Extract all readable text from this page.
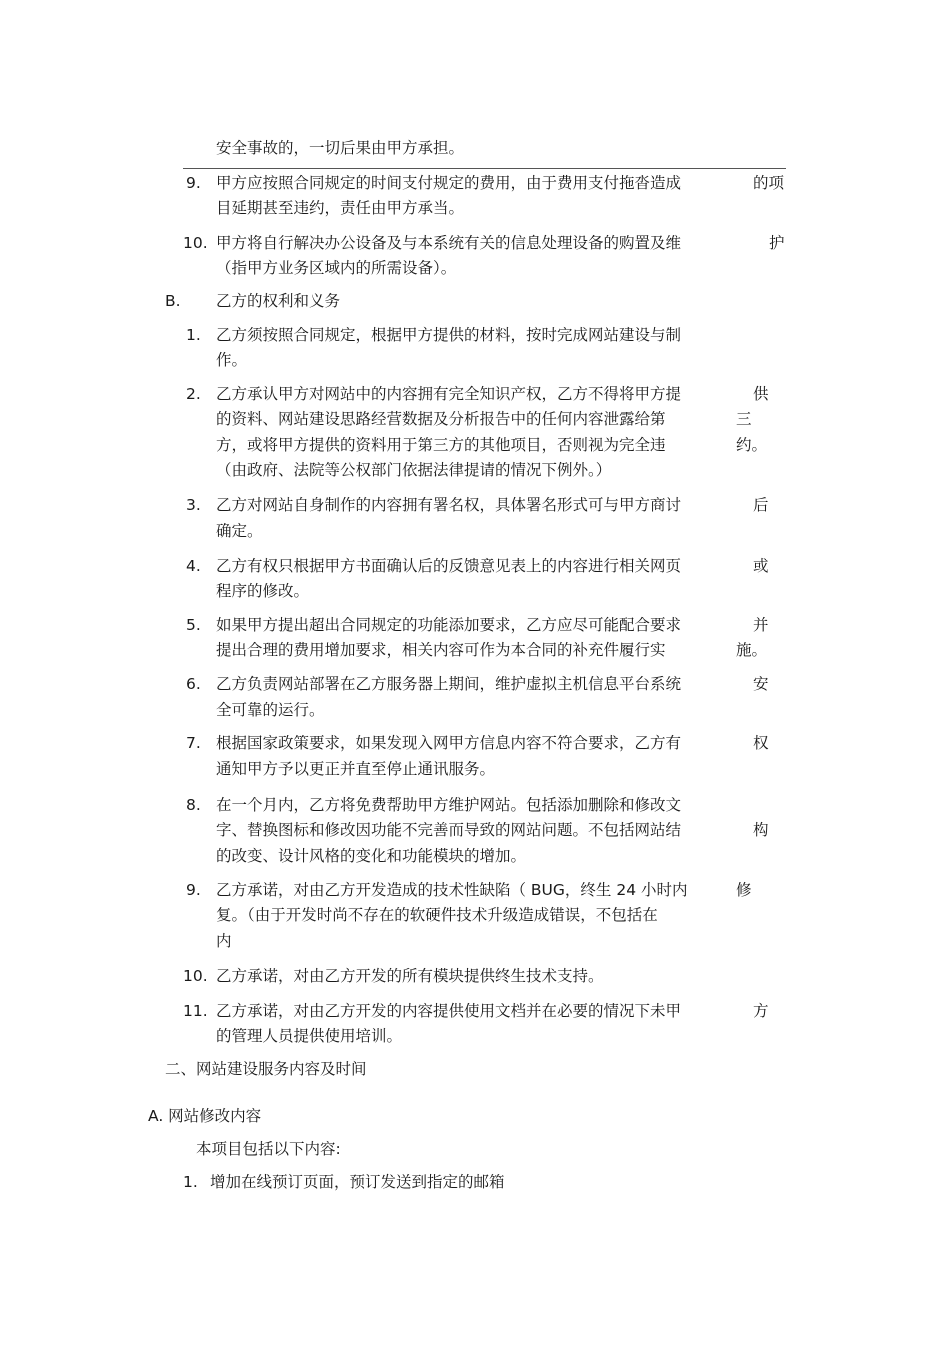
安全事故的，一切后果由甲方承担。
9. 甲方应按照合同规定的时间支付规定的费用，由于费用支付拖沓造成	的项
目延期甚至违约，责任由甲方承当。
10. 甲方将自行解决办公设备及与本系统有关的信息处理设备的购置及维	护
（指甲方业务区域内的所需设备）。
B. 乙方的权利和义务
1. 乙方须按照合同规定，根据甲方提供的材料，按时完成网站建设与制
作。
2. 乙方承认甲方对网站中的内容拥有完全知识产权，乙方不得将甲方提	供
的资料、网站建设思路经营数据及分析报告中的任何内容泄露给第	三
方，或将甲方提供的资料用于第三方的其他项目，否则视为完全违	约。
（由政府、法院等公权部门依据法律提请的情况下例外。）
3. 乙方对网站自身制作的内容拥有署名权，具体署名形式可与甲方商讨	后
确定。
4. 乙方有权只根据甲方书面确认后的反馈意见表上的内容进行相关网页	或
程序的修改。
5. 如果甲方提出超出合同规定的功能添加要求，乙方应尽可能配合要求	并
提出合理的费用增加要求，相关内容可作为本合同的补充件履行实	施。
6. 乙方负责网站部署在乙方服务器上期间，维护虚拟主机信息平台系统	安
全可靠的运行。
7. 根据国家政策要求，如果发现入网甲方信息内容不符合要求，乙方有	权
通知甲方予以更正并直至停止通讯服务。
8. 在一个月内，乙方将免费帮助甲方维护网站。包括添加删除和修改文
字、替换图标和修改因功能不完善而导致的网站问题。不包括网站结	构
的改变、设计风格的变化和功能模块的增加。
9. 乙方承诺，对由乙方开发造成的技术性缺陷（ BUG，终生 24 小时内	修
复。（由于开发时尚不存在的软硬件技术升级造成错误，不包括在
内
10. 乙方承诺，对由乙方开发的所有模块提供终生技术支持。
11. 乙方承诺，对由乙方开发的内容提供使用文档并在必要的情况下未甲	方
的管理人员提供使用培训。
二、网站建设服务内容及时间
A. 网站修改内容
本项目包括以下内容:
1. 增加在线预订页面，预订发送到指定的邮箱
